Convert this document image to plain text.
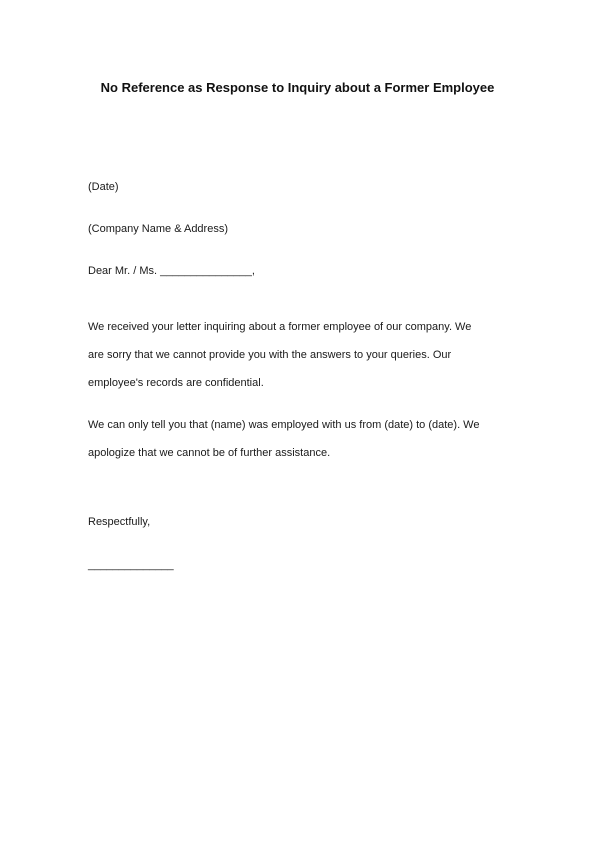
No Reference as Response to Inquiry about a Former Employee
(Date)
(Company Name & Address)
Dear Mr. / Ms. _______________,
We received your letter inquiring about a former employee of our company. We
are sorry that we cannot provide you with the answers to your queries. Our
employee's records are confidential.
We can only tell you that (name) was employed with us from (date) to (date). We
apologize that we cannot be of further assistance.
Respectfully,
______________
